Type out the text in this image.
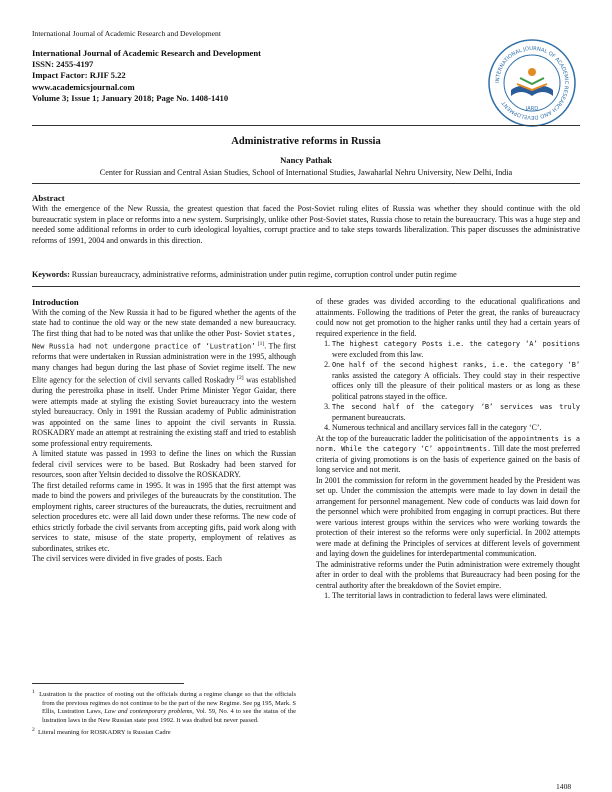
International Journal of Academic Research and Development
International Journal of Academic Research and Development
ISSN: 2455-4197
Impact Factor: RJIF 5.22
www.academicsjournal.com
Volume 3; Issue 1; January 2018; Page No. 1408-1410
INTERNATIONAL JOURNAL OF ACADEMIC RESEARCH AND DEVELOPMENT
JARD
Administrative reforms in Russia
Nancy Pathak
Center for Russian and Central Asian Studies, School of International Studies, Jawaharlal Nehru University, New Delhi, India
Abstract
With the emergence of the New Russia, the greatest question that faced the Post-Soviet ruling elites of Russia was whether they should continue with the old bureaucratic system in place or reforms into a new system. Surprisingly, unlike other Post-Soviet states, Russia chose to retain the bureaucracy. This was a huge step and needed some additional reforms in order to curb ideological loyalties, corrupt practice and to take steps towards liberalization. This paper discusses the administrative reforms of 1991, 2004 and onwards in this direction.
Keywords: Russian bureaucracy, administrative reforms, administration under putin regime, corruption control under putin regime
Introduction

With the coming of the New Russia it had to be figured whether the agents of the state had to continue the old way or the new state demanded a new bureaucracy. The first thing that had to be noted was that unlike the other Post- Soviet states, New Russia had not undergone practice of ‘Lustration’ [1]. The first reforms that were undertaken in Russian administration were in the 1995, although many changes had begun during the last phase of Soviet regime itself. The new Elite agency for the selection of civil servants called Roskadry [2] was established during the perestroika phase in itself. Under Prime Minister Yegor Gaidar, there were attempts made at styling the existing Soviet bureaucracy into the western styled bureaucracy. Only in 1991 the Russian academy of Public administration was appointed on the same lines to appoint the civil servants in Russia. ROSKADRY made an attempt at restraining the existing staff and tried to establish some professional entry requirements.

A limited statute was passed in 1993 to define the lines on which the Russian federal civil services were to be based. But Roskadry had been starved for resources, soon after Yeltsin decided to dissolve the ROSKADRY.

The first detailed reforms came in 1995. It was in 1995 that the first attempt was made to bind the powers and privileges of the bureaucrats by the constitution. The employment rights, career structures of the bureaucrats, the duties, recruitment and selection procedures etc. were all laid down under these reforms. The new code of ethics strictly forbade the civil servants from accepting gifts, paid work along with services to state, misuse of the state property, employment of relatives as subordinates, strikes etc.

The civil services were divided in five grades of posts. Each

$^1$ Lustration is the practice of rooting out the officials during a regime change so that the officials from the previous regimes do not continue to be the part of the new Regime. See pg 195, Mark. S Ellis, Lustration Laws, Law and contemporary problems, Vol. 59, No. 4 to see the status of the lustration laws in the New Russian state post 1992. It was drafted but never passed.
$^2$ Literal meaning for ROSKADRY is Russian Cadre

of these grades was divided according to the educational qualifications and attainments. Following the traditions of Peter the great, the ranks of bureaucracy could now not get promotion to the higher ranks until they had a certain years of required experience in the field.

1. The highest category Posts i.e. the category ‘A’ positions were excluded from this law.
2. One half of the second highest ranks, i.e. the category ‘B’ ranks assisted the category A officials. They could stay in their respective offices only till the pleasure of their political masters or as long as these political patrons stayed in the office.
3. The second half of the category ‘B’ services was truly permanent bureaucrats.
4. Numerous technical and ancillary services fall in the category ‘C’.

At the top of the bureaucratic ladder the politicisation of the appointments is a norm. While the category ‘C’ appointments. Till date the most preferred criteria of giving promotions is on the basis of experience gained on the basis of long service and not merit.

In 2001 the commission for reform in the government headed by the President was set up. Under the commission the attempts were made to lay down in detail the arrangement for personnel management. New code of conducts was laid down for the personnel which were prohibited from engaging in corrupt practices. But there were various interest groups within the services who were working towards the protection of their interest so the reforms were only superficial. In 2002 attempts were made at defining the Principles of services at different levels of government and laying down the guidelines for interdepartmental communication.

The administrative reforms under the Putin administration were extremely thought after in order to deal with the problems that Bureaucracy had been posing for the central authority after the breakdown of the Soviet empire.

1. The territorial laws in contradiction to federal laws were eliminated.
1408
